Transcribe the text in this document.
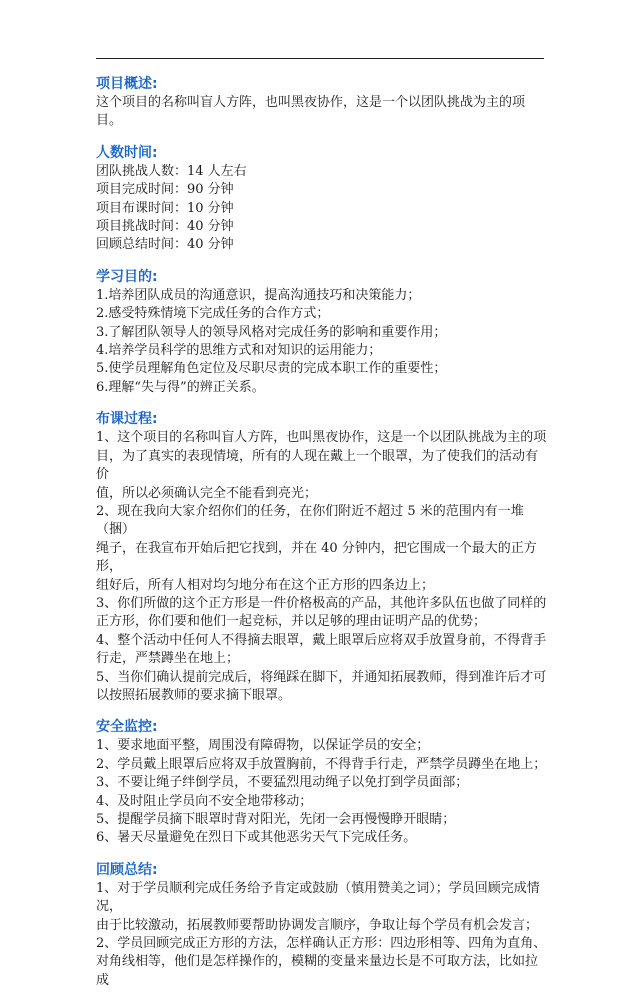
项目概述:

这个项目的名称叫盲人方阵，也叫黑夜协作，这是一个以团队挑战为主的项目。

人数时间:

团队挑战人数：14 人左右

项目完成时间：90 分钟

项目布课时间：10 分钟

项目挑战时间：40 分钟

回顾总结时间：40 分钟

学习目的:

1.培养团队成员的沟通意识，提高沟通技巧和决策能力；

2.感受特殊情境下完成任务的合作方式；

3.了解团队领导人的领导风格对完成任务的影响和重要作用；

4.培养学员科学的思维方式和对知识的运用能力；

5.使学员理解角色定位及尽职尽责的完成本职工作的重要性；

6.理解“失与得”的辨正关系。

布课过程:

1、这个项目的名称叫盲人方阵，也叫黑夜协作，这是一个以团队挑战为主的项

目，为了真实的表现情境，所有的人现在戴上一个眼罩，为了使我们的活动有价

值，所以必须确认完全不能看到亮光；

2、现在我向大家介绍你们的任务，在你们附近不超过 5 米的范围内有一堆（捆）

绳子，在我宣布开始后把它找到，并在 40 分钟内，把它围成一个最大的正方形，

组好后，所有人相对均匀地分布在这个正方形的四条边上；

3、你们所做的这个正方形是一件价格极高的产品，其他许多队伍也做了同样的

正方形，你们要和他们一起竞标，并以足够的理由证明产品的优势；

4、整个活动中任何人不得摘去眼罩，戴上眼罩后应将双手放置身前，不得背手

行走，严禁蹲坐在地上；

5、当你们确认提前完成后，将绳踩在脚下，并通知拓展教师，得到准许后才可

以按照拓展教师的要求摘下眼罩。

安全监控:

1、要求地面平整，周围没有障碍物，以保证学员的安全；

2、学员戴上眼罩后应将双手放置胸前，不得背手行走，严禁学员蹲坐在地上；

3、不要让绳子绊倒学员，不要猛烈甩动绳子以免打到学员面部；

4、及时阻止学员向不安全地带移动；

5、提醒学员摘下眼罩时背对阳光，先闭一会再慢慢睁开眼睛；

6、暑天尽量避免在烈日下或其他恶劣天气下完成任务。

回顾总结:

1、对于学员顺利完成任务给予肯定或鼓励（慎用赞美之词）；学员回顾完成情况，

由于比较激动，拓展教师要帮助协调发言顺序，争取让每个学员有机会发言；

2、学员回顾完成正方形的方法，怎样确认正方形：四边形相等、四角为直角、

对角线相等，他们是怎样操作的，模糊的变量来量边长是不可取方法，比如拉成
